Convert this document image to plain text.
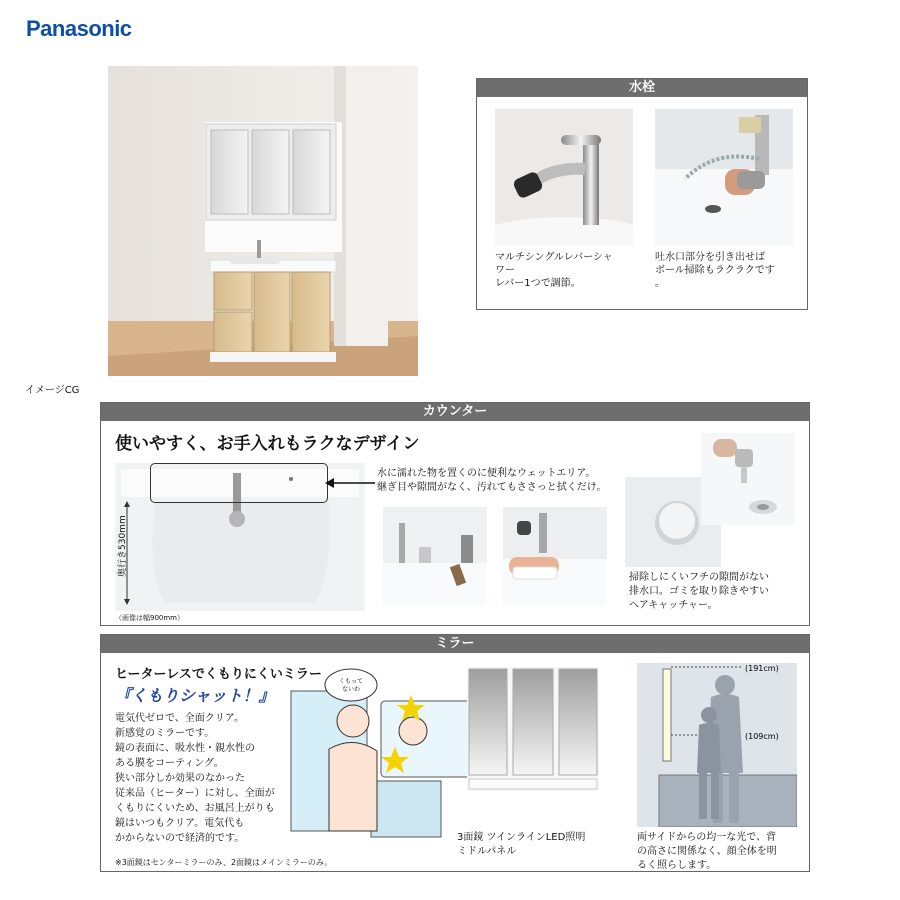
Panasonic
イメージCG
水栓
マルチシングルレバーシャ
ワー
レバー1つで調節。
吐水口部分を引き出せば
ボール掃除もラクラクです
。
カウンター
使いやすく、お手入れもラクなデザイン
奥行き530mm
（画像は幅900mm）
水に濡れた物を置くのに便利なウェットエリア。
継ぎ目や隙間がなく、汚れてもささっと拭くだけ。
掃除しにくいフチの隙間がない
排水口。ゴミを取り除きやすい
ヘアキャッチャー。
ミラー
ヒーターレスでくもりにくいミラー
『くもりシャット！』
くもって
ないわ
電気代ゼロで、全面クリア。
新感覚のミラーです。
鏡の表面に、吸水性・親水性の
ある膜をコーティング。
狭い部分しか効果のなかった
従来品（ヒーター）に対し、全面が
くもりにくいため、お風呂上がりも
鏡はいつもクリア。電気代も
かからないので経済的です。
※3面鏡はセンターミラーのみ、2面鏡はメインミラーのみ。
3面鏡 ツインラインLED照明
ミドルパネル
(191cm)
(109cm)
両サイドからの均一な光で、背
の高さに関係なく、顔全体を明
るく照らします。
